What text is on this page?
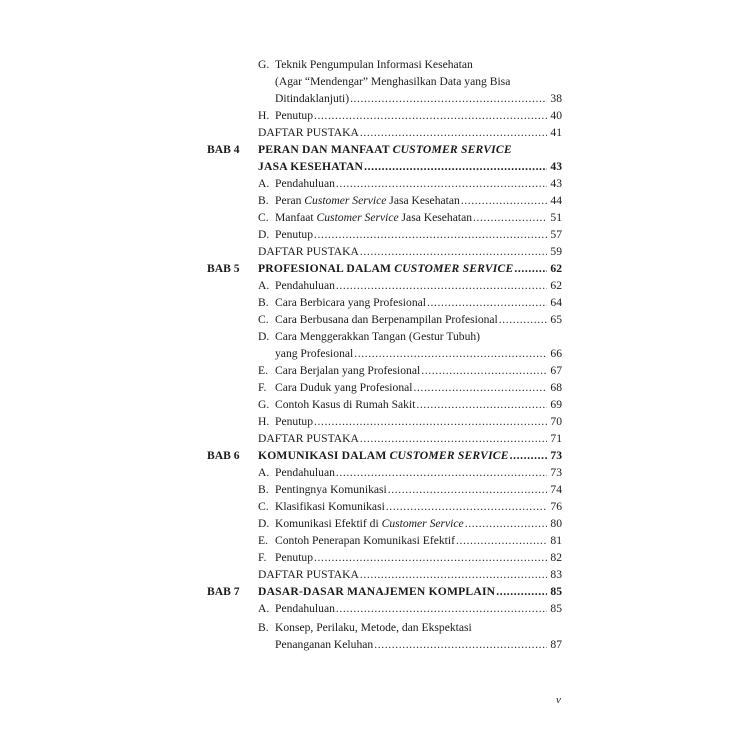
G. Teknik Pengumpulan Informasi Kesehatan
(Agar “Mendengar” Menghasilkan Data yang Bisa
Ditindaklanjuti) .....	38
H. Penutup .....	40
DAFTAR PUSTAKA .....	41
BAB 4 PERAN DAN MANFAAT CUSTOMER SERVICE
JASA KESEHATAN .....	43
A. Pendahuluan .....	43
B. Peran Customer Service Jasa Kesehatan .....	44
C. Manfaat Customer Service Jasa Kesehatan .....	51
D. Penutup .....	57
DAFTAR PUSTAKA .....	59
BAB 5 PROFESIONAL DALAM CUSTOMER SERVICE .....	62
A. Pendahuluan .....	62
B. Cara Berbicara yang Profesional .....	64
C. Cara Berbusana dan Berpenampilan Profesional .....	65
D. Cara Menggerakkan Tangan (Gestur Tubuh)
yang Profesional .....	66
E. Cara Berjalan yang Profesional .....	67
F. Cara Duduk yang Profesional .....	68
G. Contoh Kasus di Rumah Sakit .....	69
H. Penutup .....	70
DAFTAR PUSTAKA .....	71
BAB 6 KOMUNIKASI DALAM CUSTOMER SERVICE .....	73
A. Pendahuluan .....	73
B. Pentingnya Komunikasi .....	74
C. Klasifikasi Komunikasi .....	76
D. Komunikasi Efektif di Customer Service .....	80
E. Contoh Penerapan Komunikasi Efektif .....	81
F. Penutup .....	82
DAFTAR PUSTAKA .....	83
BAB 7 DASAR-DASAR MANAJEMEN KOMPLAIN .....	85
A. Pendahuluan .....	85
B. Konsep, Perilaku, Metode, dan Ekspektasi
Penanganan Keluhan .....	87
v
